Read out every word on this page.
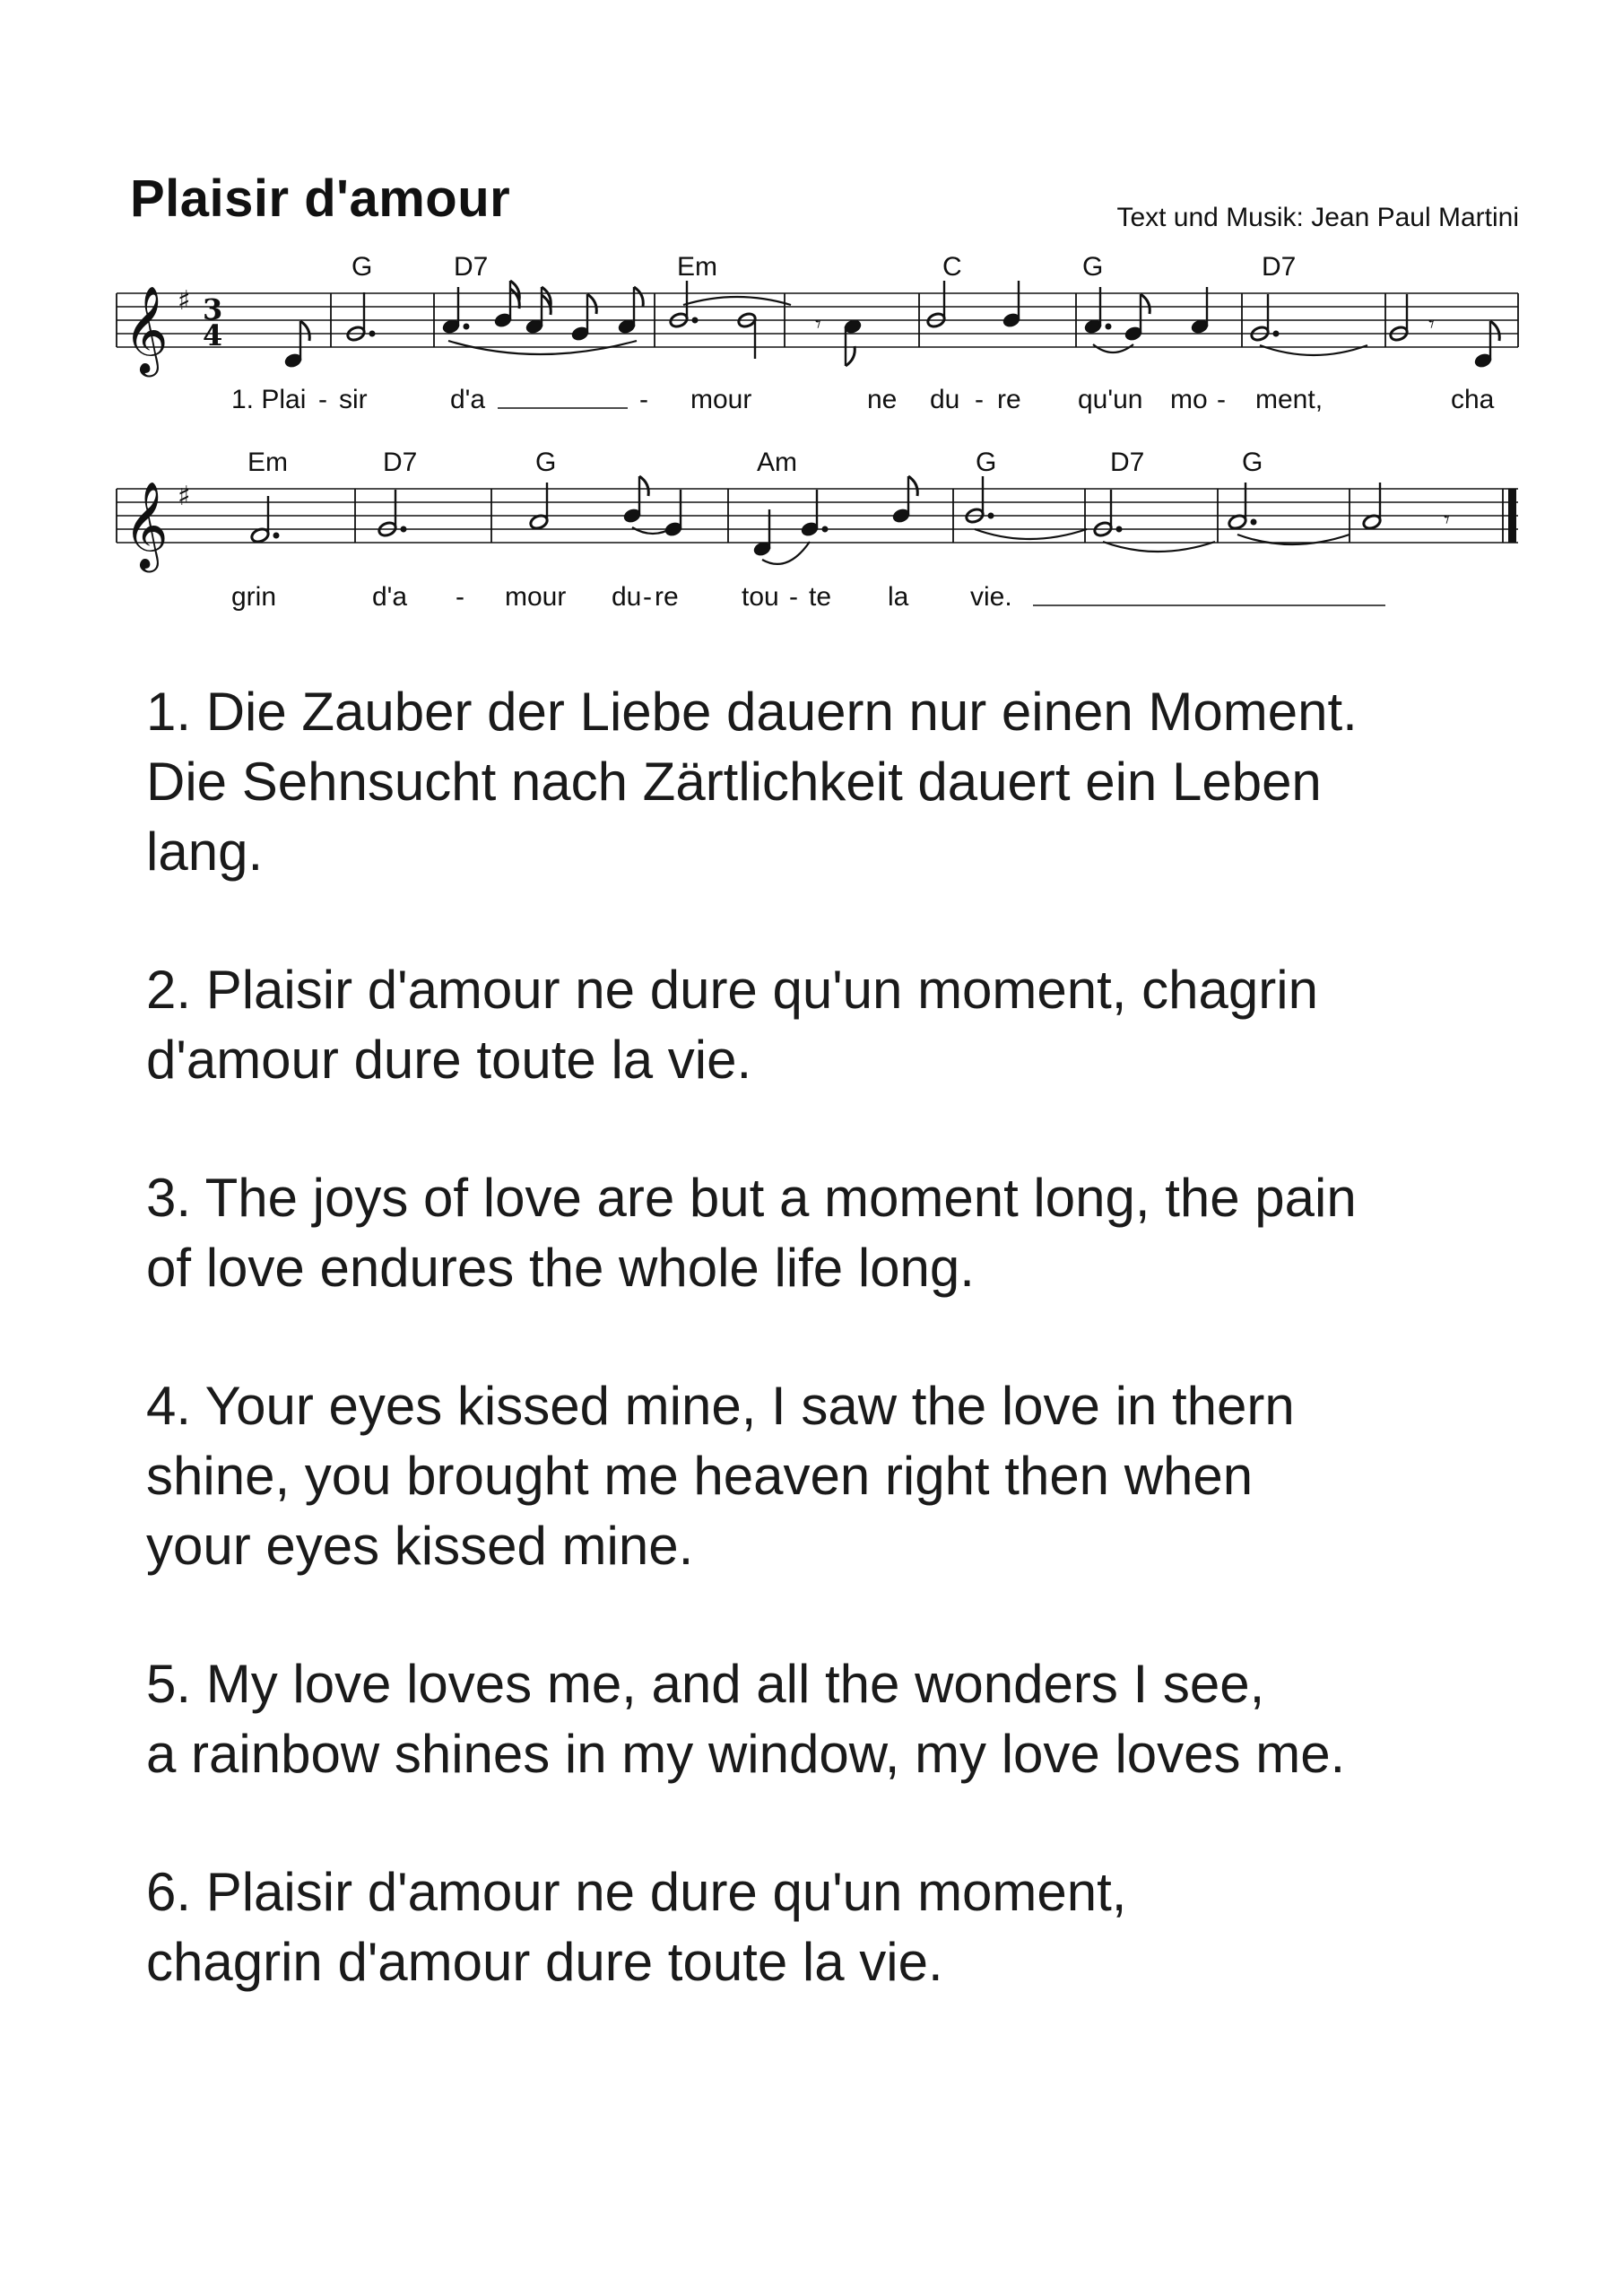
Plaisir d'amour	Text und Musik: Jean Paul Martini
𝄞 ♯ 3
4	𝄾	𝄾
G	D7	Em	C	G	D7
1. Plai - sir	d'a	- mour	ne du - re qu'un mo - ment,	cha
𝄞 ♯
𝄾
Em	D7	G	Am	G	D7	G
grin	d'a - mour du - re tou - te la vie.

1. Die Zauber der Liebe dauern nur einen Moment.
Die Sehnsucht nach Zärtlichkeit dauert ein Leben
lang.

2. Plaisir d'amour ne dure qu'un moment, chagrin
d'amour dure toute la vie.

3. The joys of love are but a moment long, the pain
of love endures the whole life long.

4. Your eyes kissed mine, I saw the love in thern
shine, you brought me heaven right then when
your eyes kissed mine.

5. My love loves me, and all the wonders I see,
a rainbow shines in my window, my love loves me.

6. Plaisir d'amour ne dure qu'un moment,
chagrin d'amour dure toute la vie.
